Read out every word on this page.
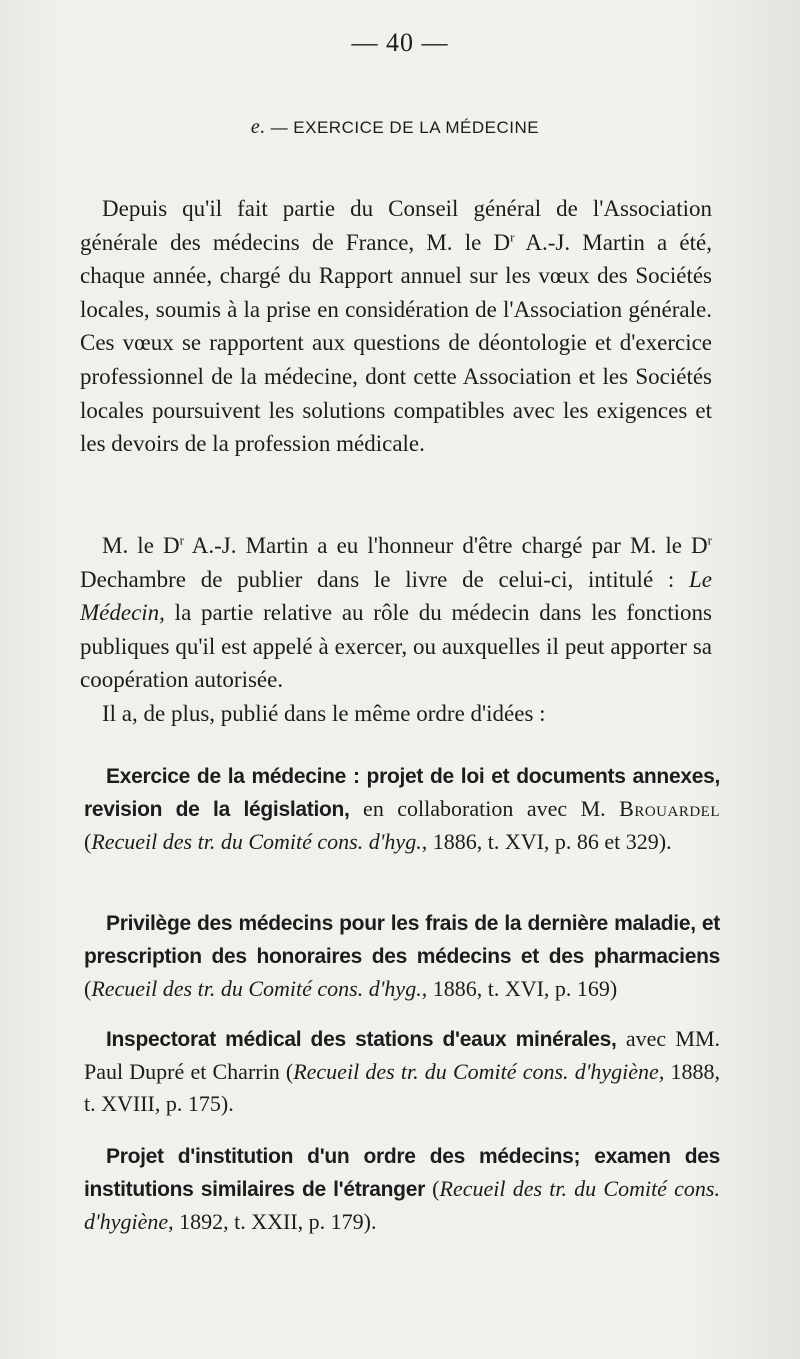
— 40 —
e. — EXERCICE DE LA MÉDECINE

Depuis qu'il fait partie du Conseil général de l'Association générale des médecins de France, M. le $D^r$ A.-J. Martin a été, chaque année, chargé du Rapport annuel sur les vœux des Sociétés locales, soumis à la prise en considération de l'Association générale. Ces vœux se rapportent aux questions de déontologie et d'exercice professionnel de la médecine, dont cette Association et les Sociétés locales poursuivent les solutions compatibles avec les exigences et les devoirs de la profession médicale.

M. le $D^r$ A.-J. Martin a eu l'honneur d'être chargé par M. le $D^r$ Dechambre de publier dans le livre de celui-ci, intitulé : Le Médecin, la partie relative au rôle du médecin dans les fonctions publiques qu'il est appelé à exercer, ou auxquelles il peut apporter sa coopération autorisée.

Il a, de plus, publié dans le même ordre d'idées :

Exercice de la médecine : projet de loi et documents annexes, revision de la législation, en collaboration avec M. Brouardel (Recueil des tr. du Comité cons. d'hyg., 1886, t. XVI, p. 86 et 329).

Privilège des médecins pour les frais de la dernière maladie, et prescription des honoraires des médecins et des pharmaciens (Recueil des tr. du Comité cons. d'hyg., 1886, t. XVI, p. 169)

Inspectorat médical des stations d'eaux minérales, avec MM. Paul Dupré et Charrin (Recueil des tr. du Comité cons. d'hygiène, 1888, t. XVIII, p. 175).

Projet d'institution d'un ordre des médecins; examen des institutions similaires de l'étranger (Recueil des tr. du Comité cons. d'hygiène, 1892, t. XXII, p. 179).
